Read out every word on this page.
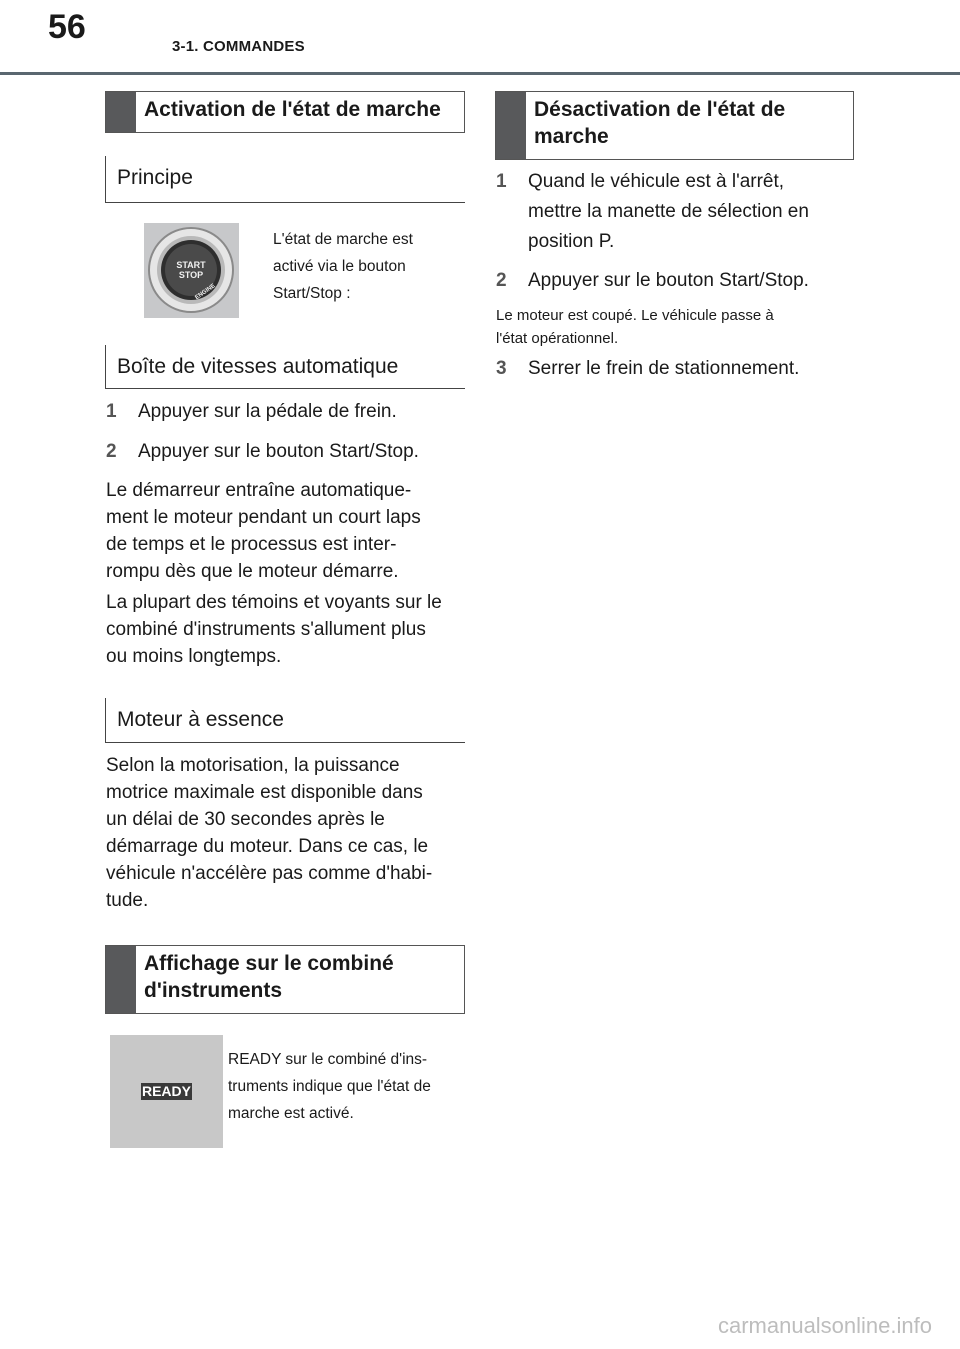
56
3-1. COMMANDES
Activation de l'état de marche
Principe
START
STOP
ENGINE
L'état de marche est
activé via le bouton
Start/Stop :
Boîte de vitesses automatique
1	Appuyer sur la pédale de frein.
2	Appuyer sur le bouton Start/Stop.
Le démarreur entraîne automatique-
ment le moteur pendant un court laps
de temps et le processus est inter-
rompu dès que le moteur démarre.
La plupart des témoins et voyants sur le
combiné d'instruments s'allument plus
ou moins longtemps.
Moteur à essence
Selon la motorisation, la puissance
motrice maximale est disponible dans
un délai de 30 secondes après le
démarrage du moteur. Dans ce cas, le
véhicule n'accélère pas comme d'habi-
tude.
Affichage sur le combiné
d'instruments
READY
READY sur le combiné d'ins-
truments indique que l'état de
marche est activé.
Désactivation de l'état de
marche
1	Quand le véhicule est à l'arrêt,
mettre la manette de sélection en
position P.
2	Appuyer sur le bouton Start/Stop.
Le moteur est coupé. Le véhicule passe à
l'état opérationnel.
3	Serrer le frein de stationnement.
carmanualsonline.info
